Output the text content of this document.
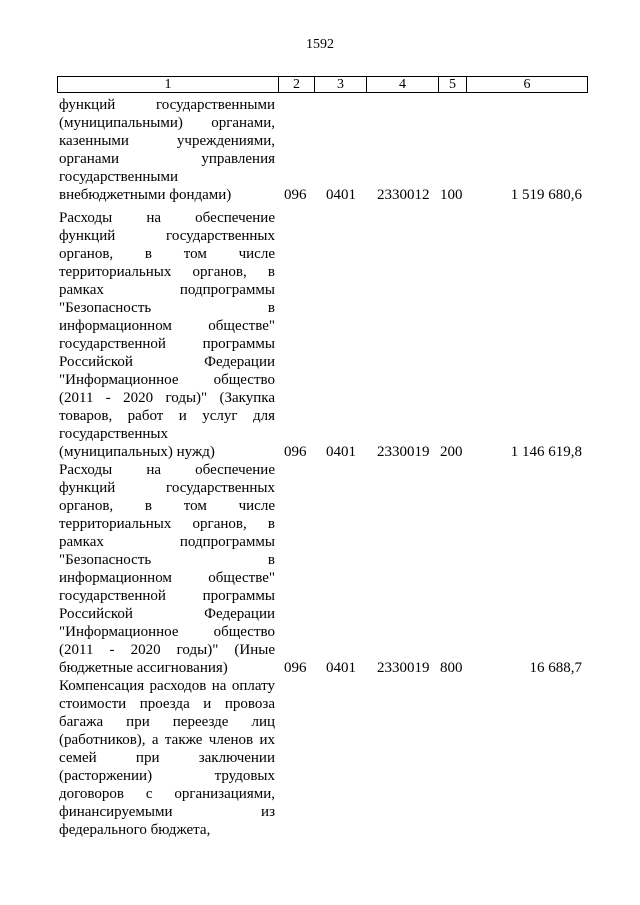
1592
1	2	3	4	5	6
функций государственными
(муниципальными) органами,
казенными учреждениями,
органами управления
государственными
внебюджетными фондами)	096 0401 2330012 100	1 519 680,6
Расходы на обеспечение
функций государственных
органов, в том числе
территориальных органов, в
рамках подпрограммы
"Безопасность в
информационном обществе"
государственной программы
Российской Федерации
"Информационное общество
(2011 - 2020 годы)" (Закупка
товаров, работ и услуг для
государственных
(муниципальных) нужд)	096 0401 2330019 200	1 146 619,8
Расходы на обеспечение
функций государственных
органов, в том числе
территориальных органов, в
рамках подпрограммы
"Безопасность в
информационном обществе"
государственной программы
Российской Федерации
"Информационное общество
(2011 - 2020 годы)" (Иные
бюджетные ассигнования)	096 0401 2330019 800	16 688,7
Компенсация расходов на оплату
стоимости проезда и провоза
багажа при переезде лиц
(работников), а также членов их
семей при заключении
(расторжении) трудовых
договоров с организациями,
финансируемыми из
федерального бюджета,
